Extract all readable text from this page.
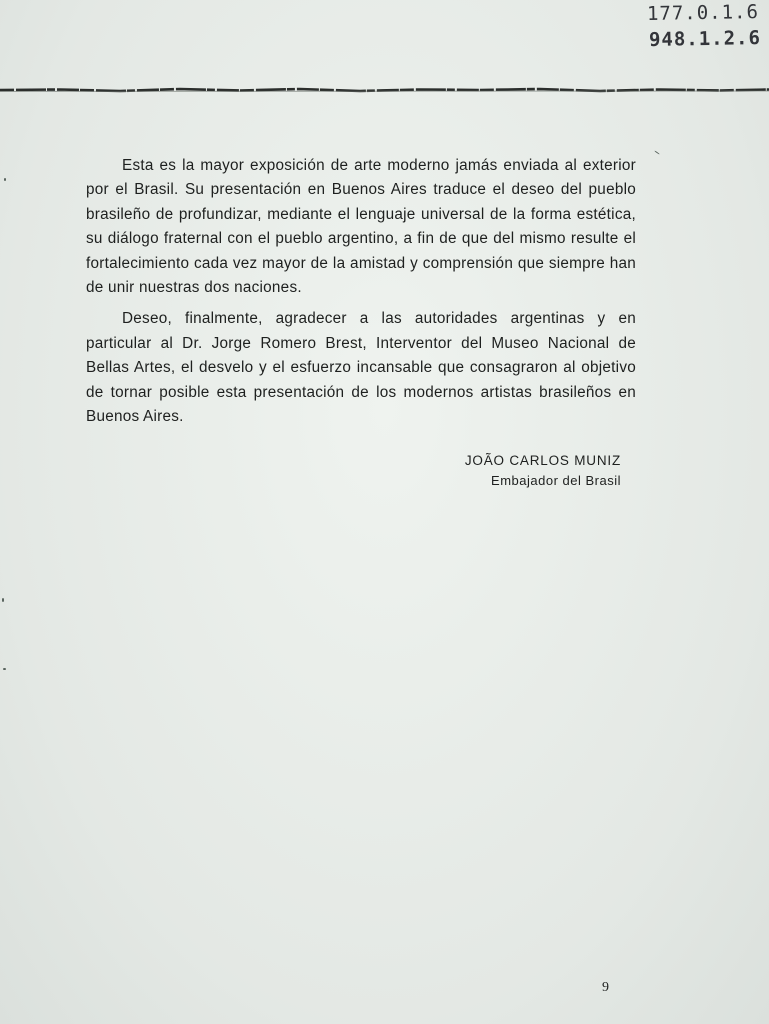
177.0.1.6
948.1.2.6

Esta es la mayor exposición de arte moderno jamás enviada al exterior por el Brasil. Su presentación en Buenos Aires traduce el deseo del pueblo brasileño de profundizar, mediante el lenguaje universal de la forma estética, su diálogo fraternal con el pueblo argentino, a fin de que del mismo resulte el fortalecimiento cada vez mayor de la amistad y comprensión que siempre han de unir nuestras dos naciones.

Deseo, finalmente, agradecer a las autoridades argentinas y en particular al Dr. Jorge Romero Brest, Interventor del Museo Nacional de Bellas Artes, el desvelo y el esfuerzo incansable que consagraron al objetivo de tornar posible esta presentación de los modernos artistas brasileños en Buenos Aires.

JOÃO CARLOS MUNIZ
Embajador del Brasil
9
